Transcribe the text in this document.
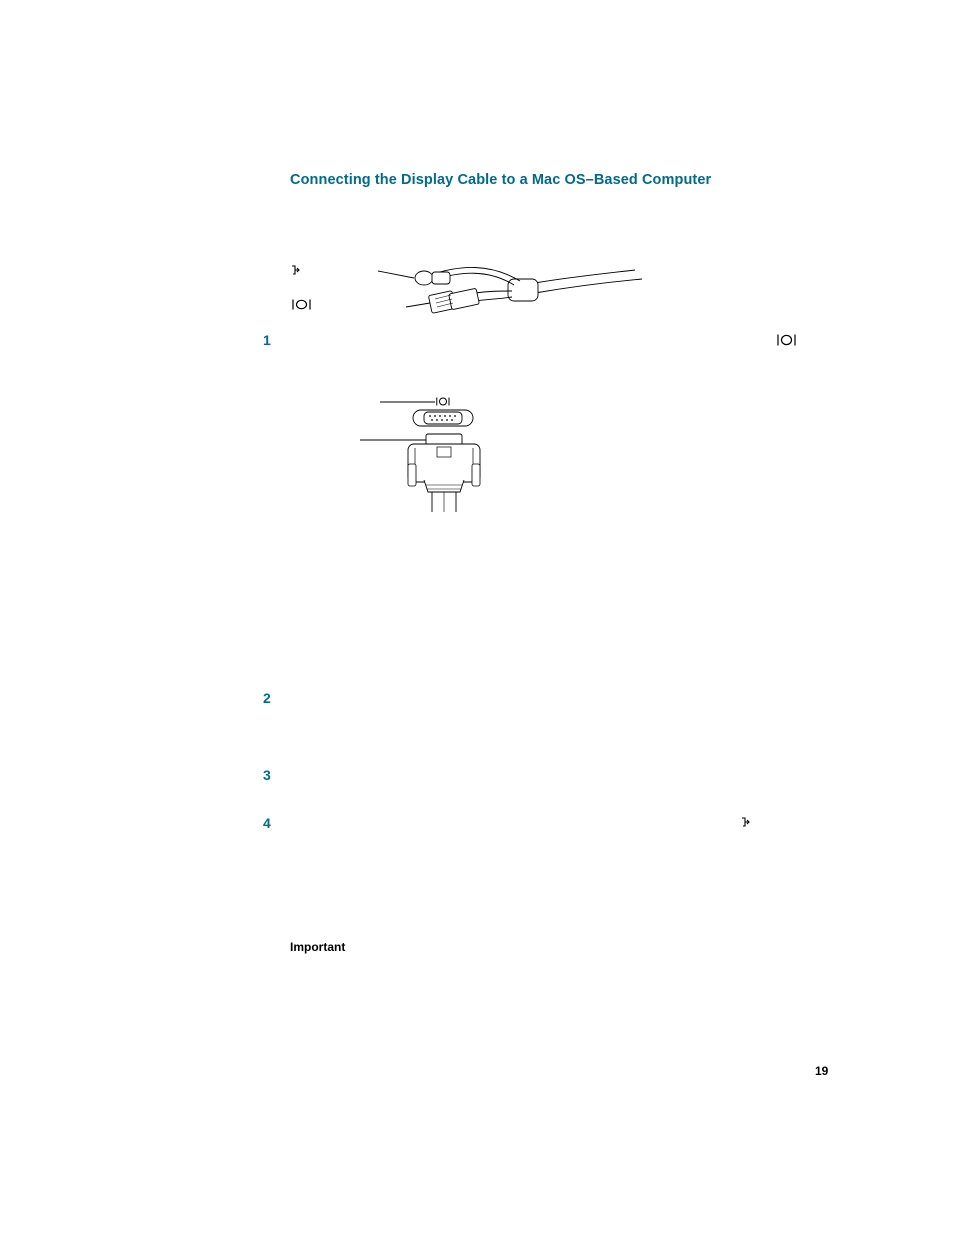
Connecting the Display Cable to a Mac OS–Based Computer
1
2
3
4
Important
19
